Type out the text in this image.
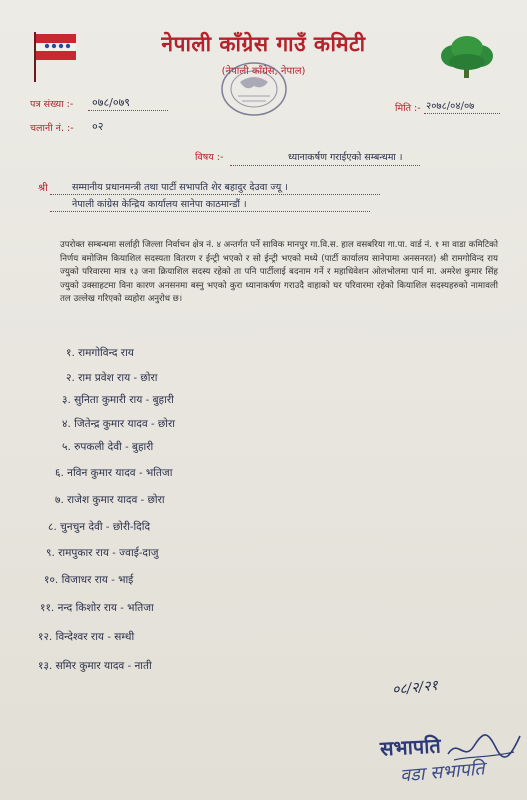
नेपाली काँग्रेस गाउँ कमिटी
(नेपाली काँग्रेस, नेपाल)
पत्र संख्या :- ०७८/०७९
चलानी नं. :- ०२
मिति :- २०७८/०४/०७
विषय :-	ध्यानाकर्षण गराईएको सम्बन्धमा ।
श्री	सम्मानीय प्रधानमन्त्री तथा पार्टी सभापति शेर बहादुर देउवा ज्यू ।
नेपाली कांग्रेस केन्द्रिय कार्यालय सानेपा काठमान्डौं ।
उपरोक्त सम्बन्धमा सर्लाही जिल्ला निर्वाचन क्षेत्र नं. ४ अन्तर्गत पर्ने साविक मानपुर गा.वि.स. हाल वसबरिया गा.पा. वार्ड नं. १ मा वाडा कमिटिको निर्णय बमोजिम कियाशिल सदस्यता वितरण र ईन्ट्री भएको र सो ईन्ट्री भएको मध्ये (पार्टी कार्यालय सानेपामा अनसनरत) श्री रामगोविन्द राय ज्युको परिवारमा मात्र १३ जना क्रियाशिल सदस्य रहेको ता पनि पार्टीलाई बदनाम गर्ने र महाधिवेशन ओलभोलमा पार्न मा. अमरेश कुमार सिंह ज्युको उक्साहटमा विना कारण अनसनमा बस्नु भएको कुरा ध्यानाकर्षण गराउदै वाहाको घर परिवारमा रहेको कियाशिल सदस्यहरुको नामावली तल उल्लेख गरिएको व्यहोरा अनुरोध छ।
१. रामगोविन्द राय
२. राम प्रवेश राय - छोरा
३. सुनिता कुमारी राय - बुहारी
४. जितेन्द्र कुमार यादव - छोरा
५. रुपकली देवी - बुहारी
६. नविन कुमार यादव - भतिजा
७. राजेश कुमार यादव - छोरा
८. चुनचुन देवी - छोरी-दिदि
९. रामपुकार राय - ज्वाई-दाजु
१०. विजाधर राय - भाई
११. नन्द किशोर राय - भतिजा
१२. विन्देश्वर राय - सम्धी
१३. समिर कुमार यादव - नाती
०८/२/२१
सभापति
वडा सभापति
